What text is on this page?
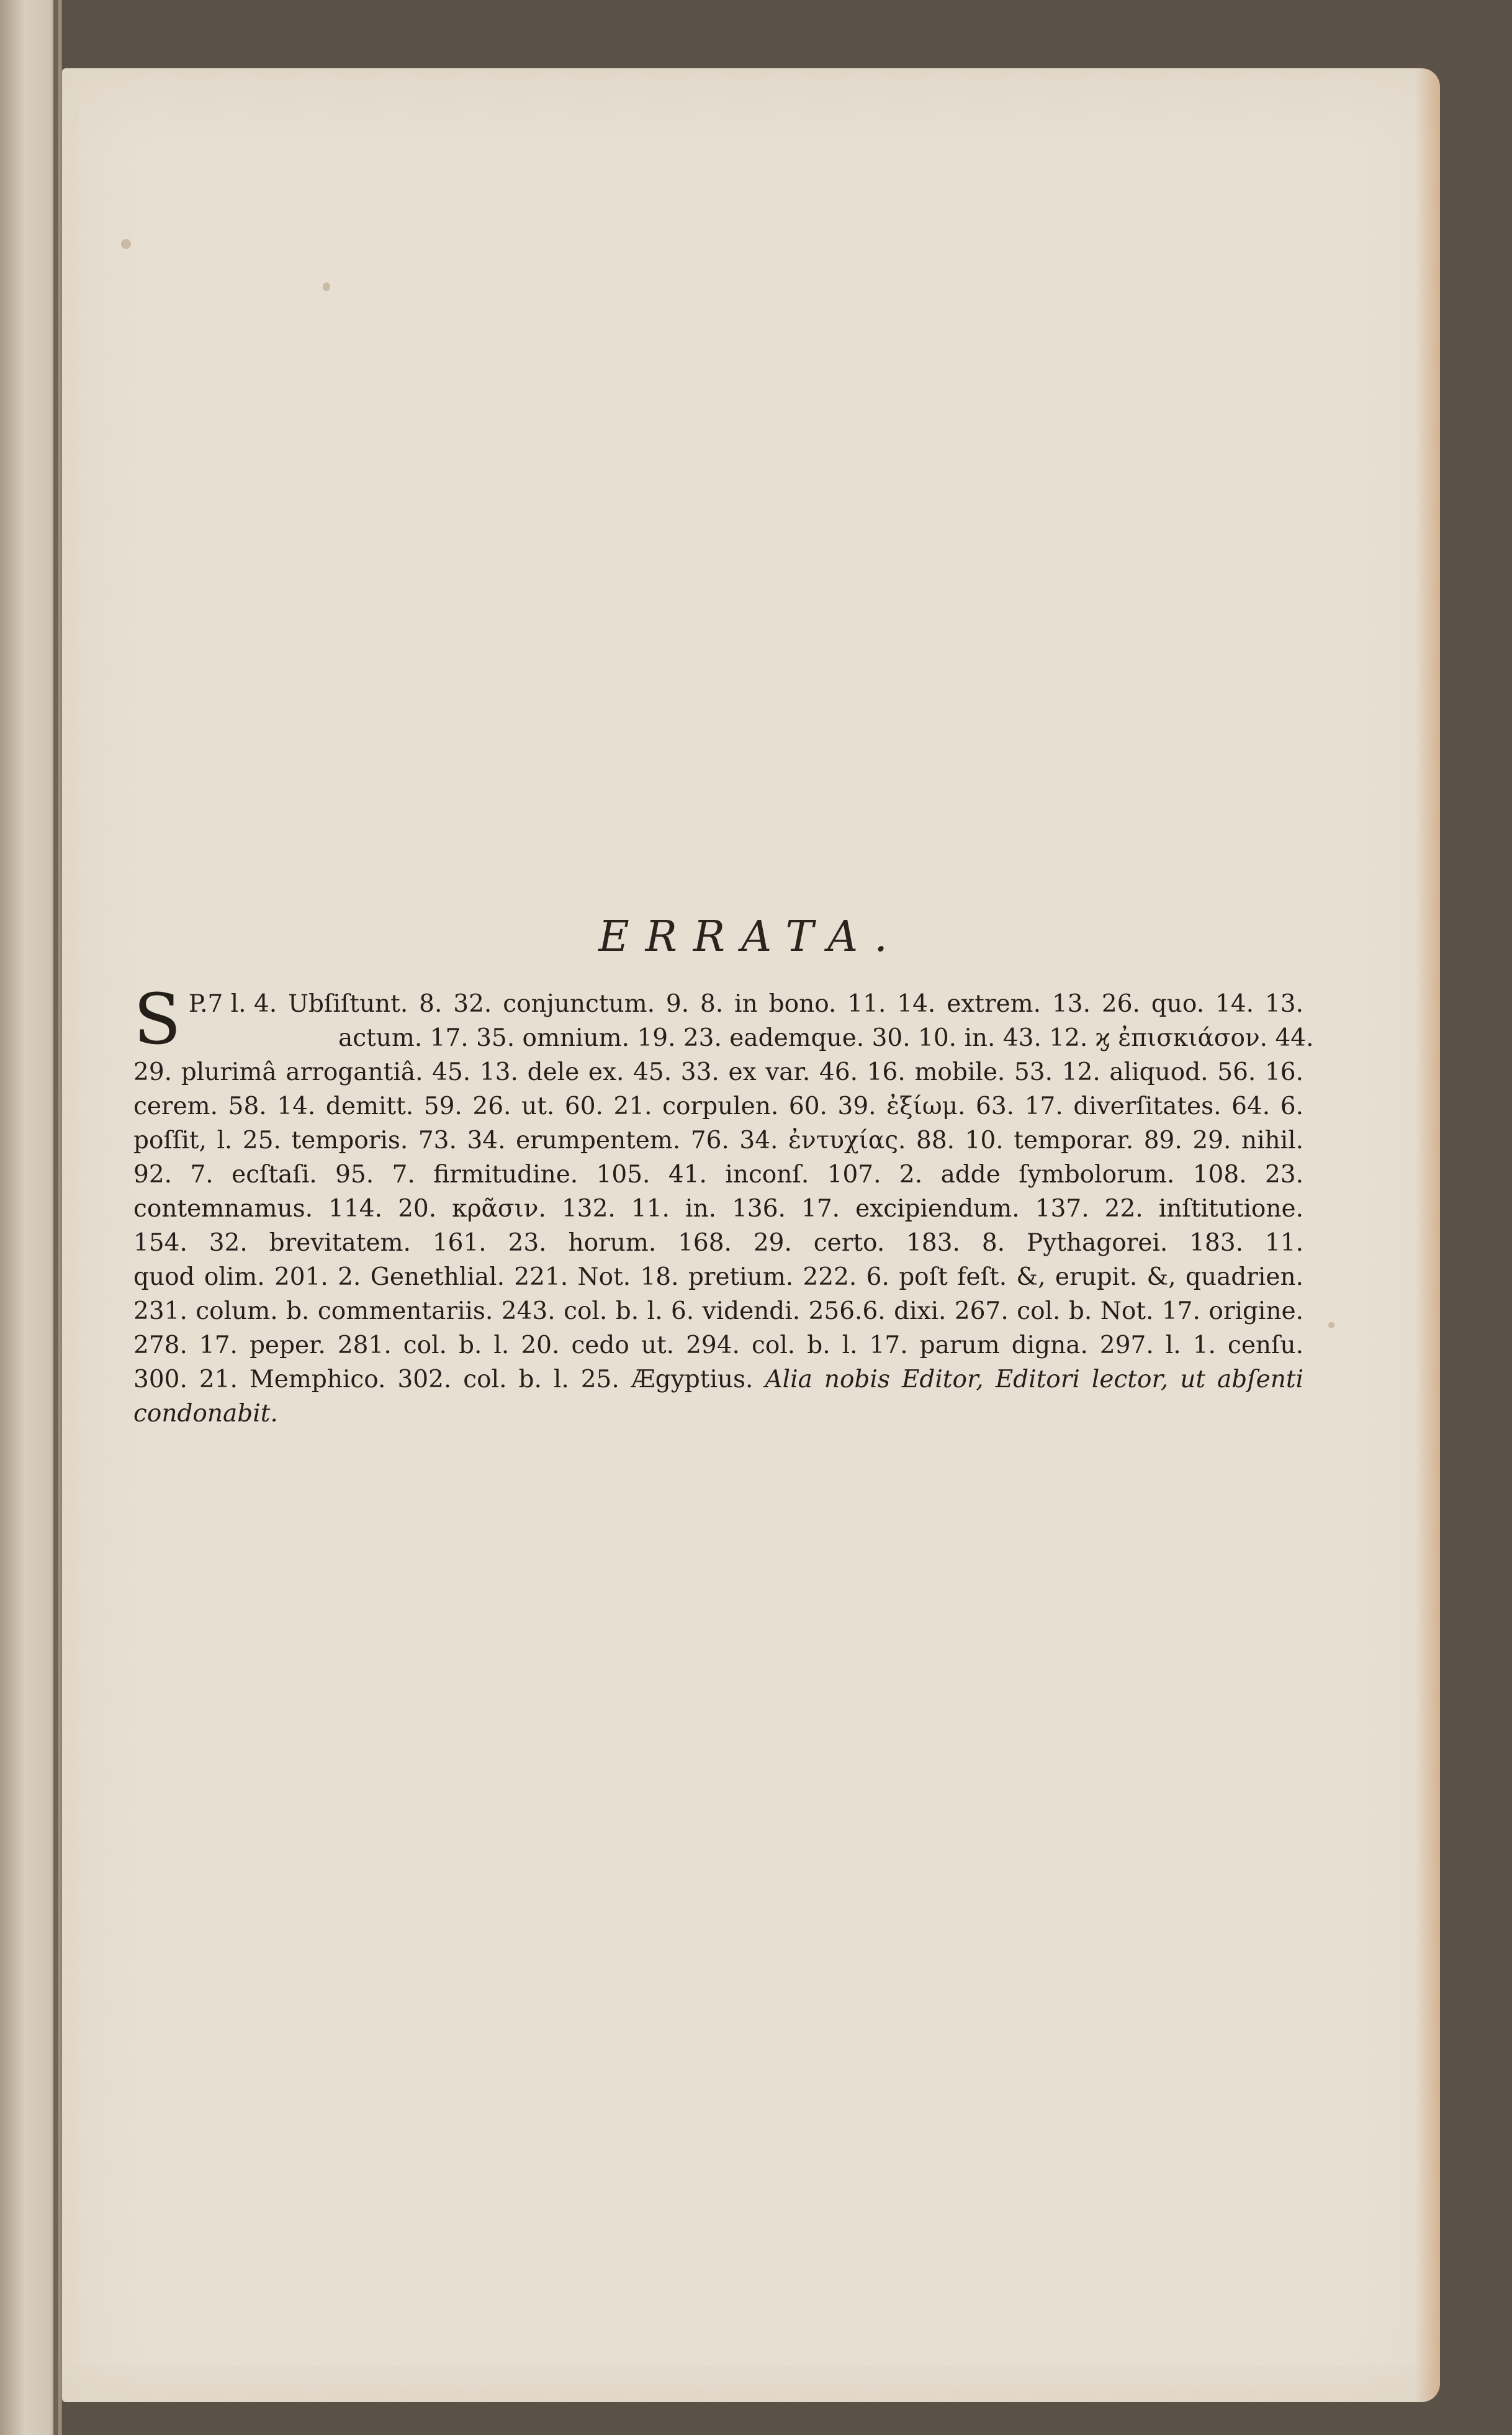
ERRATA.
P.7 l. 4.
S	Ubſiſtunt. 8. 32. conjunctum. 9. 8. in bono. 11. 14. extrem. 13. 26. quo. 14. 13.
actum. 17. 35. omnium. 19. 23. eademque. 30. 10. in. 43. 12. ϗ ἐπισκιάσον. 44.
29. plurimâ arrogantiâ. 45. 13. dele ex. 45. 33. ex var. 46. 16. mobile. 53. 12. aliquod. 56. 16.
cerem. 58. 14. demitt. 59. 26. ut. 60. 21. corpulen. 60. 39. ἐξίωμ. 63. 17. diverſitates. 64. 6.
poſſit, l. 25. temporis. 73. 34. erumpentem. 76. 34. ἐντυχίας. 88. 10. temporar. 89. 29. nihil.
92. 7. ecſtaſi. 95. 7. firmitudine. 105. 41. inconſ. 107. 2. adde ſymbolorum. 108. 23.
contemnamus. 114. 20. κρᾶσιν. 132. 11. in. 136. 17. excipiendum. 137. 22. inſtitutione.
154. 32. brevitatem. 161. 23. horum. 168. 29. certo. 183. 8. Pythagorei. 183. 11.
quod olim. 201. 2. Genethlial. 221. Not. 18. pretium. 222. 6. poſt feſt. &, erupit. &, quadrien.
231. colum. b. commentariis. 243. col. b. l. 6. videndi. 256.6. dixi. 267. col. b. Not. 17. origine.
278. 17. peper. 281. col. b. l. 20. cedo ut. 294. col. b. l. 17. parum digna. 297. l. 1. cenſu.
300. 21. Memphico. 302. col. b. l. 25. Ægyptius. Alia nobis Editor, Editori lector, ut abſenti
condonabit.
